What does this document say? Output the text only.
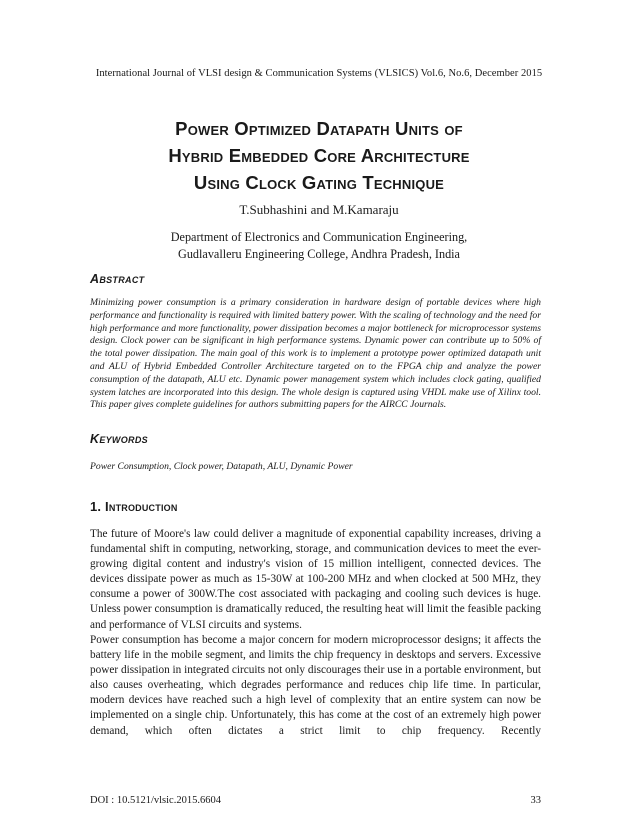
International Journal of VLSI design & Communication Systems (VLSICS) Vol.6, No.6, December 2015
Power Optimized Datapath Units of
Hybrid Embedded Core Architecture
Using Clock Gating Technique
T.Subhashini and M.Kamaraju
Department of Electronics and Communication Engineering,
Gudlavalleru Engineering College, Andhra Pradesh, India
Abstract
Minimizing power consumption is a primary consideration in hardware design of portable devices where high performance and functionality is required with limited battery power. With the scaling of technology and the need for high performance and more functionality, power dissipation becomes a major bottleneck for microprocessor systems design. Clock power can be significant in high performance systems. Dynamic power can contribute up to 50% of the total power dissipation. The main goal of this work is to implement a prototype power optimized datapath unit and ALU of Hybrid Embedded Controller Architecture targeted on to the FPGA chip and analyze the power consumption of the datapath, ALU etc. Dynamic power management system which includes clock gating, qualified system latches are incorporated into this design. The whole design is captured using VHDL make use of Xilinx tool. This paper gives complete guidelines for authors submitting papers for the AIRCC Journals.
Keywords
Power Consumption, Clock power, Datapath, ALU, Dynamic Power
1. Introduction
The future of Moore's law could deliver a magnitude of exponential capability increases, driving a fundamental shift in computing, networking, storage, and communication devices to meet the ever-growing digital content and industry's vision of 15 million intelligent, connected devices. The devices dissipate power as much as 15-30W at 100-200 MHz and when clocked at 500 MHz, they consume a power of 300W.The cost associated with packaging and cooling such devices is huge. Unless power consumption is dramatically reduced, the resulting heat will limit the feasible packing and performance of VLSI circuits and systems.
Power consumption has become a major concern for modern microprocessor designs; it affects the battery life in the mobile segment, and limits the chip frequency in desktops and servers. Excessive power dissipation in integrated circuits not only discourages their use in a portable environment, but also causes overheating, which degrades performance and reduces chip life time. In particular, modern devices have reached such a high level of complexity that an entire system can now be implemented on a single chip. Unfortunately, this has come at the cost of an extremely high power demand, which often dictates a strict limit to chip frequency. Recently
DOI : 10.5121/vlsic.2015.6604	33
